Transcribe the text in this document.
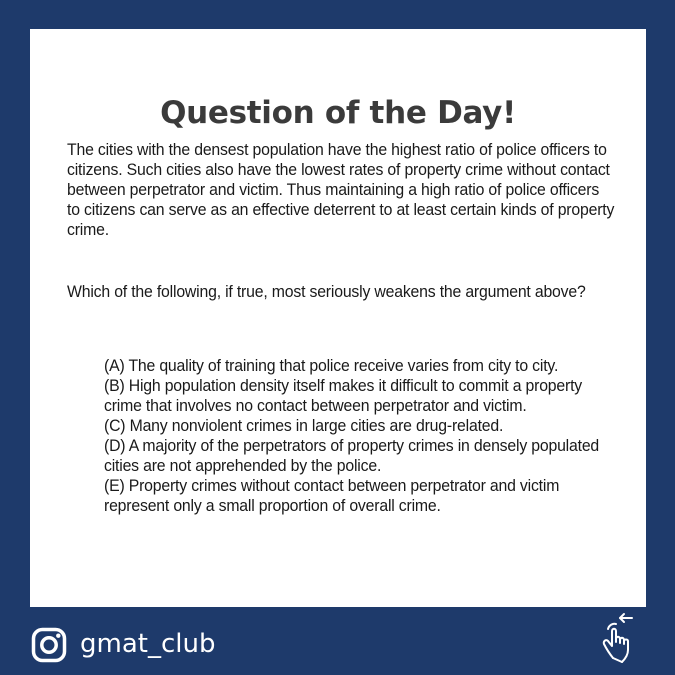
Question of the Day!
The cities with the densest population have the highest ratio of police officers to citizens. Such cities also have the lowest rates of property crime without contact between perpetrator and victim. Thus maintaining a high ratio of police officers to citizens can serve as an effective deterrent to at least certain kinds of property crime.
Which of the following, if true, most seriously weakens the argument above?

(A) The quality of training that police receive varies from city to city.

(B) High population density itself makes it difficult to commit a property crime that involves no contact between perpetrator and victim.

(C) Many nonviolent crimes in large cities are drug-related.

(D) A majority of the perpetrators of property crimes in densely populated cities are not apprehended by the police.

(E) Property crimes without contact between perpetrator and victim represent only a small proportion of overall crime.

gmat_club
